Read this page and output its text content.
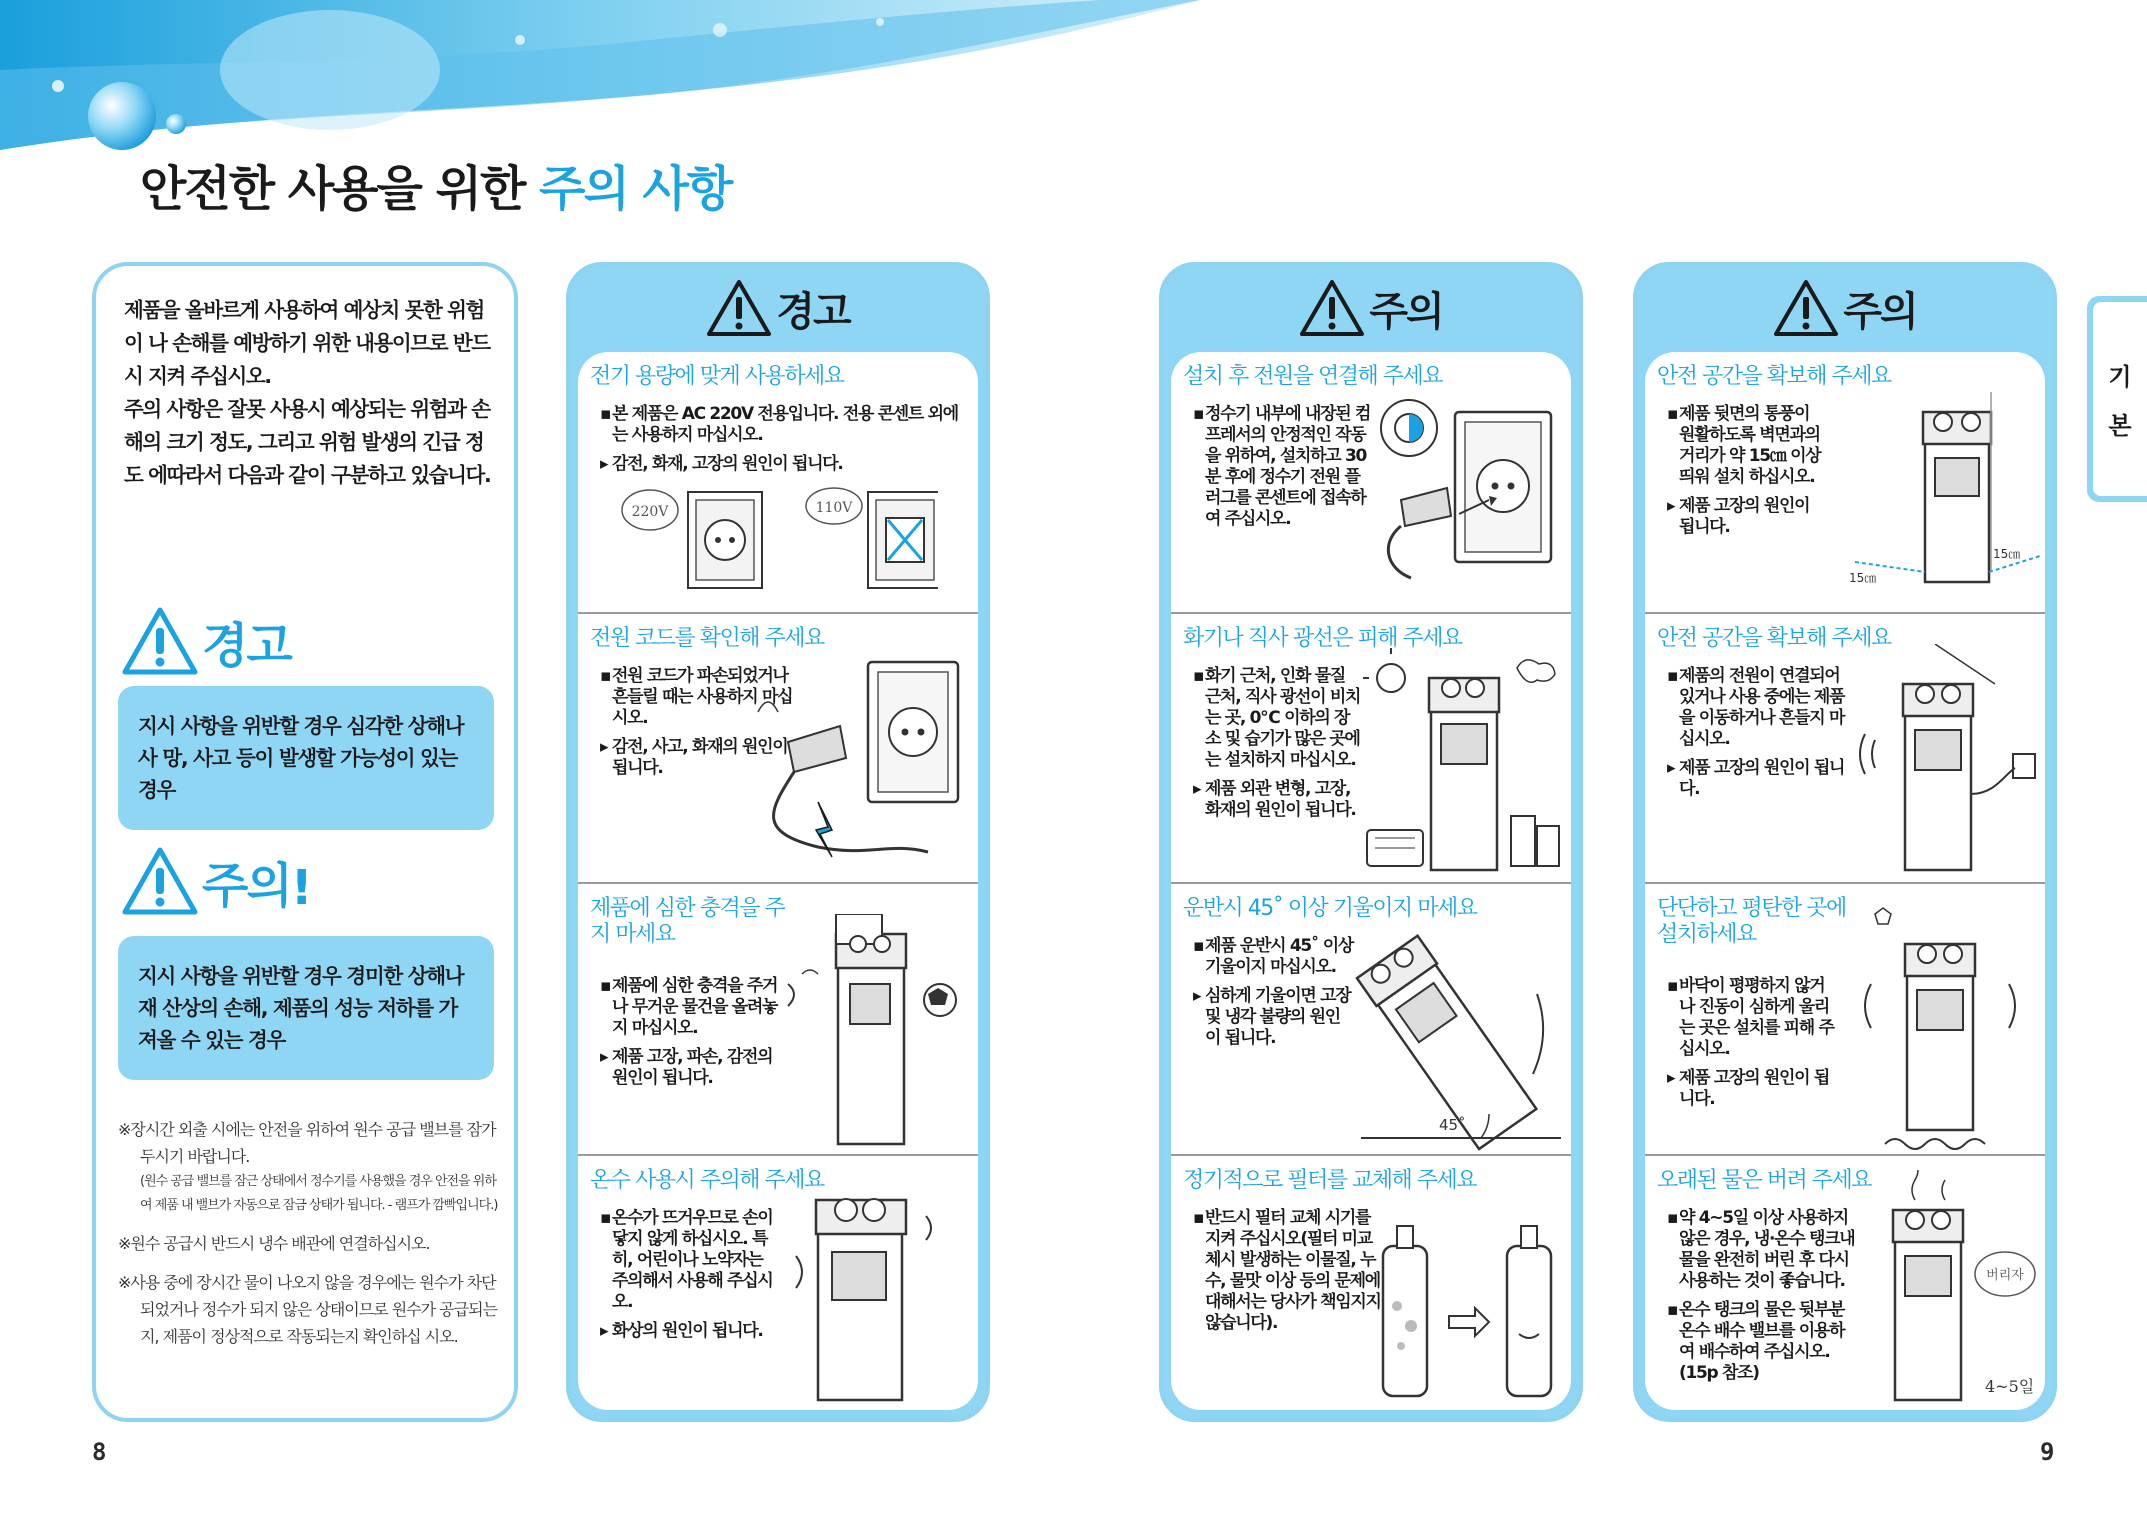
안전한 사용을 위한 주의 사항

제품을 올바르게 사용하여 예상치 못한 위험이 나 손해를 예방하기 위한 내용이므로 반드시 지켜 주십시오.

주의 사항은 잘못 사용시 예상되는 위험과 손 해의 크기 정도, 그리고 위험 발생의 긴급 정도 에따라서 다음과 같이 구분하고 있습니다.

경고
지시 사항을 위반할 경우 심각한 상해나 사 망, 사고 등이 발생할 가능성이 있는 경우
주의 !
지시 사항을 위반할 경우 경미한 상해나 재 산상의 손해, 제품의 성능 저하를 가져올 수 있는 경우

※장시간 외출 시에는 안전을 위하여 원수 공급 밸브를 잠가 두시기 바랍니다.

(원수 공급 밸브를 잠근 상태에서 정수기를 사용했을 경우 안전을 위하여 제품 내 밸브가 자동으로 잠금 상태가 됩니다. - 램프가 깜빡입니다.)

※원수 공급시 반드시 냉수 배관에 연결하십시오.

※사용 중에 장시간 물이 나오지 않을 경우에는 원수가 차단되었거나 정수가 되지 않은 상태이므로 원수가 공급되는지, 제품이 정상적으로 작동되는지 확인하십 시오.

경고
전기 용량에 맞게 사용하세요
▪ 본 제품은 AC 220V 전용입니다. 전용 콘센트 외에는 사용하지 마십시오.
▸ 감전, 화재, 고장의 원인이 됩니다.
220V	110V
전원 코드를 확인해 주세요
▪ 전원 코드가 파손되었거나 흔들릴 때는 사용하지 마십시오.
▸ 감전, 사고, 화재의 원인이 됩니다.
제품에 심한 충격을 주지 마세요
▪ 제품에 심한 충격을 주거나 무거운 물건을 올려놓지 마십시오.
▸ 제품 고장, 파손, 감전의 원인이 됩니다.
온수 사용시 주의해 주세요
▪ 온수가 뜨거우므로 손이 닿지 않게 하십시오. 특히, 어린이나 노약자는 주의해서 사용해 주십시오.
▸ 화상의 원인이 됩니다.
주의
설치 후 전원을 연결해 주세요
▪ 정수기 내부에 내장된 컴프레서의 안정적인 작동을 위하여, 설치하고 30분 후에 정수기 전원 플러그를 콘센트에 접속하여 주십시오.
화기나 직사 광선은 피해 주세요
▪ 화기 근처, 인화 물질 근처, 직사 광선이 비치는 곳, 0℃ 이하의 장소 및 습기가 많은 곳에는 설치하지 마십시오.
▸ 제품 외관 변형, 고장, 화재의 원인이 됩니다.
운반시 45˚ 이상 기울이지 마세요
▪ 제품 운반시 45˚ 이상 기울이지 마십시오.
▸ 심하게 기울이면 고장 및 냉각 불량의 원인이 됩니다.
45˚
정기적으로 필터를 교체해 주세요
▪ 반드시 필터 교체 시기를 지켜 주십시오(필터 미교체시 발생하는 이물질, 누수, 물맛 이상 등의 문제에 대해서는 당사가 책임지지 않습니다).
주의
안전 공간을 확보해 주세요
▪ 제품 뒷면의 통풍이 원활하도록 벽면과의 거리가 약 15㎝ 이상 띄워 설치 하십시오.
▸ 제품 고장의 원인이 됩니다.
15㎝
15㎝
안전 공간을 확보해 주세요
▪ 제품의 전원이 연결되어 있거나 사용 중에는 제품을 이동하거나 흔들지 마십시오.
▸ 제품 고장의 원인이 됩니다.
단단하고 평탄한 곳에 설치하세요
▪ 바닥이 평평하지 않거나 진동이 심하게 울리는 곳은 설치를 피해 주십시오.
▸ 제품 고장의 원인이 됩니다.
오래된 물은 버려 주세요
▪ 약 4~5일 이상 사용하지 않은 경우, 냉·온수 탱크내 물을 완전히 버린 후 다시 사용하는 것이 좋습니다.
▪ 온수 탱크의 물은 뒷부분 온수 배수 밸브를 이용하여 배수하여 주십시오. (15p 참조)
버리자
4~5일
기
본
8	9
